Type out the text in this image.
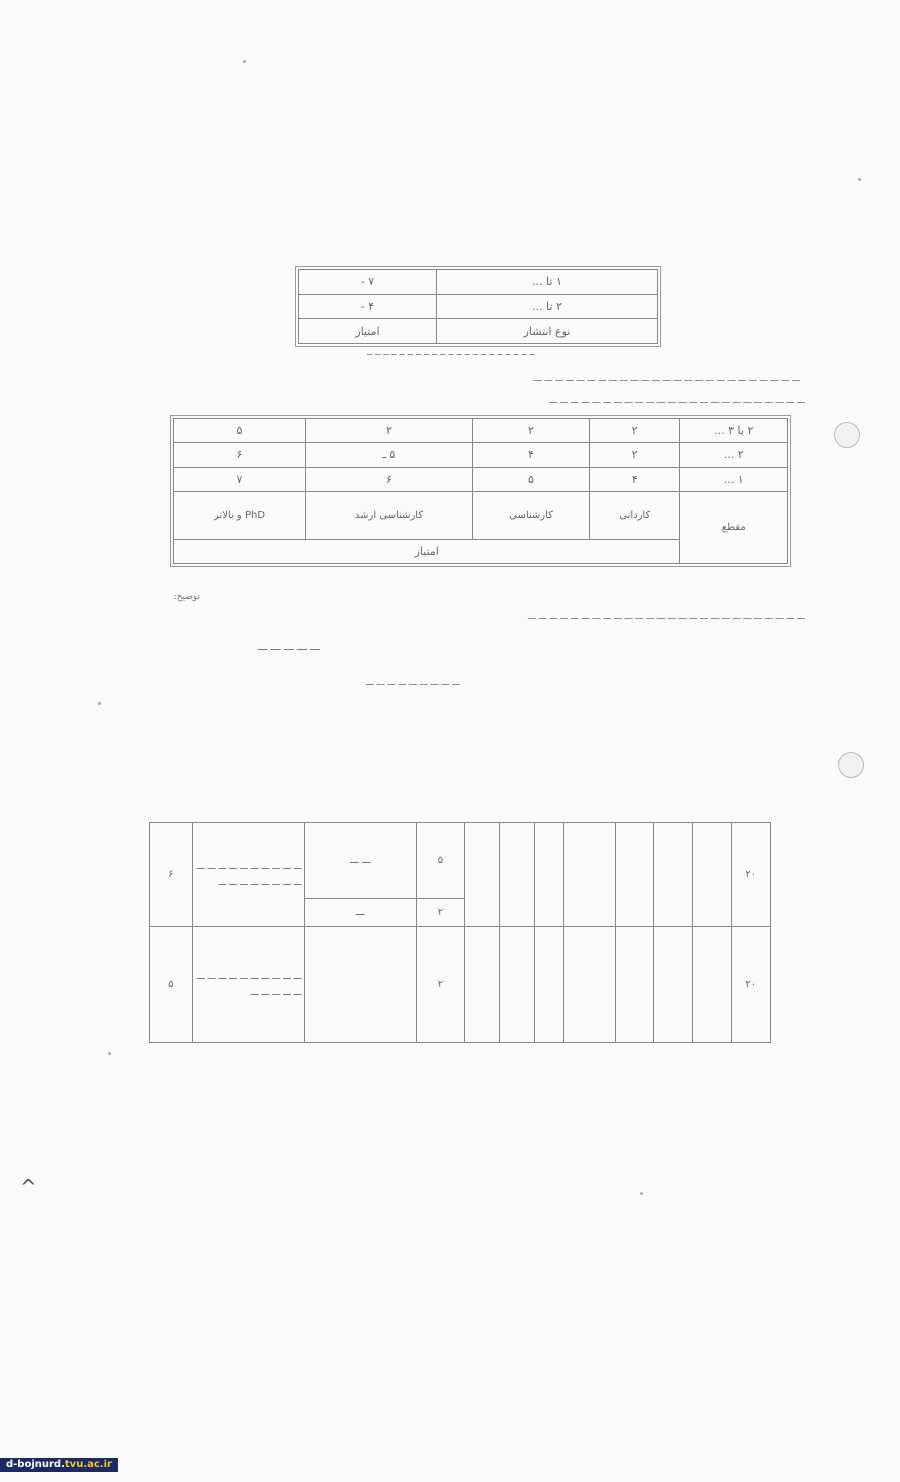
۱ تا ...	۷ -
۲ تا ...	۴ -
نوع انتشار	امتیاز
ــ ــ ــ ــ ــ ــ ــ ــ ــ ــ ــ ــ ــ ــ ــ ــ ــ ــ ــ ــ ــ
ـــ ـــ ـــ ـــ ـــ ـــ ـــ ـــ ـــ ـــ ـــ ـــ ـــ ـــ ـــ ـــ ـــ ـــ ـــ ـــ ـــ ـــ ـــ ـــ ـــ
ـــ ـــ ـــ ـــ ـــ ـــ ـــ ـــ ـــ ـــ ـــ ـــ ـــ ـــ ـــ ـــ ـــ ـــ ـــ ـــ ـــ ـــ ـــ ـــ
۲ یا ۳ ...	۲	۲	۲	۵
۲ ...	۲	۴	۵ ـ	۶
۱ ...	۴	۵	۶	۷
مقطع	کاردانی	کارشناسی	کارشناسی ارشد	PhD و بالاتر
	امتیاز			
توضیح:
ـــ ـــ ـــ ـــ ـــ ـــ ـــ ـــ ـــ ـــ ـــ ـــ ـــ ـــ ـــ ـــ ـــ ـــ ـــ ـــ ـــ ـــ ـــ ـــ ـــ ـــ
ـــ ـــ ـــ ـــ ـــ
ـــ ـــ ـــ ـــ ـــ ـــ ـــ ـــ ـــ
۶	ـــ ـــ ـــ ـــ ـــ ـــ ـــ ـــ ـــ ـــ ـــ ـــ ـــ ـــ ـــ ـــ ـــ ـــ	ـــ ـــ	۵								۲۰
		ـــ	۲								
۵	ـــ ـــ ـــ ـــ ـــ ـــ ـــ ـــ ـــ ـــ ـــ ـــ ـــ ـــ ـــ		۲								۲۰
^
d-bojnurd.tvu.ac.ir
